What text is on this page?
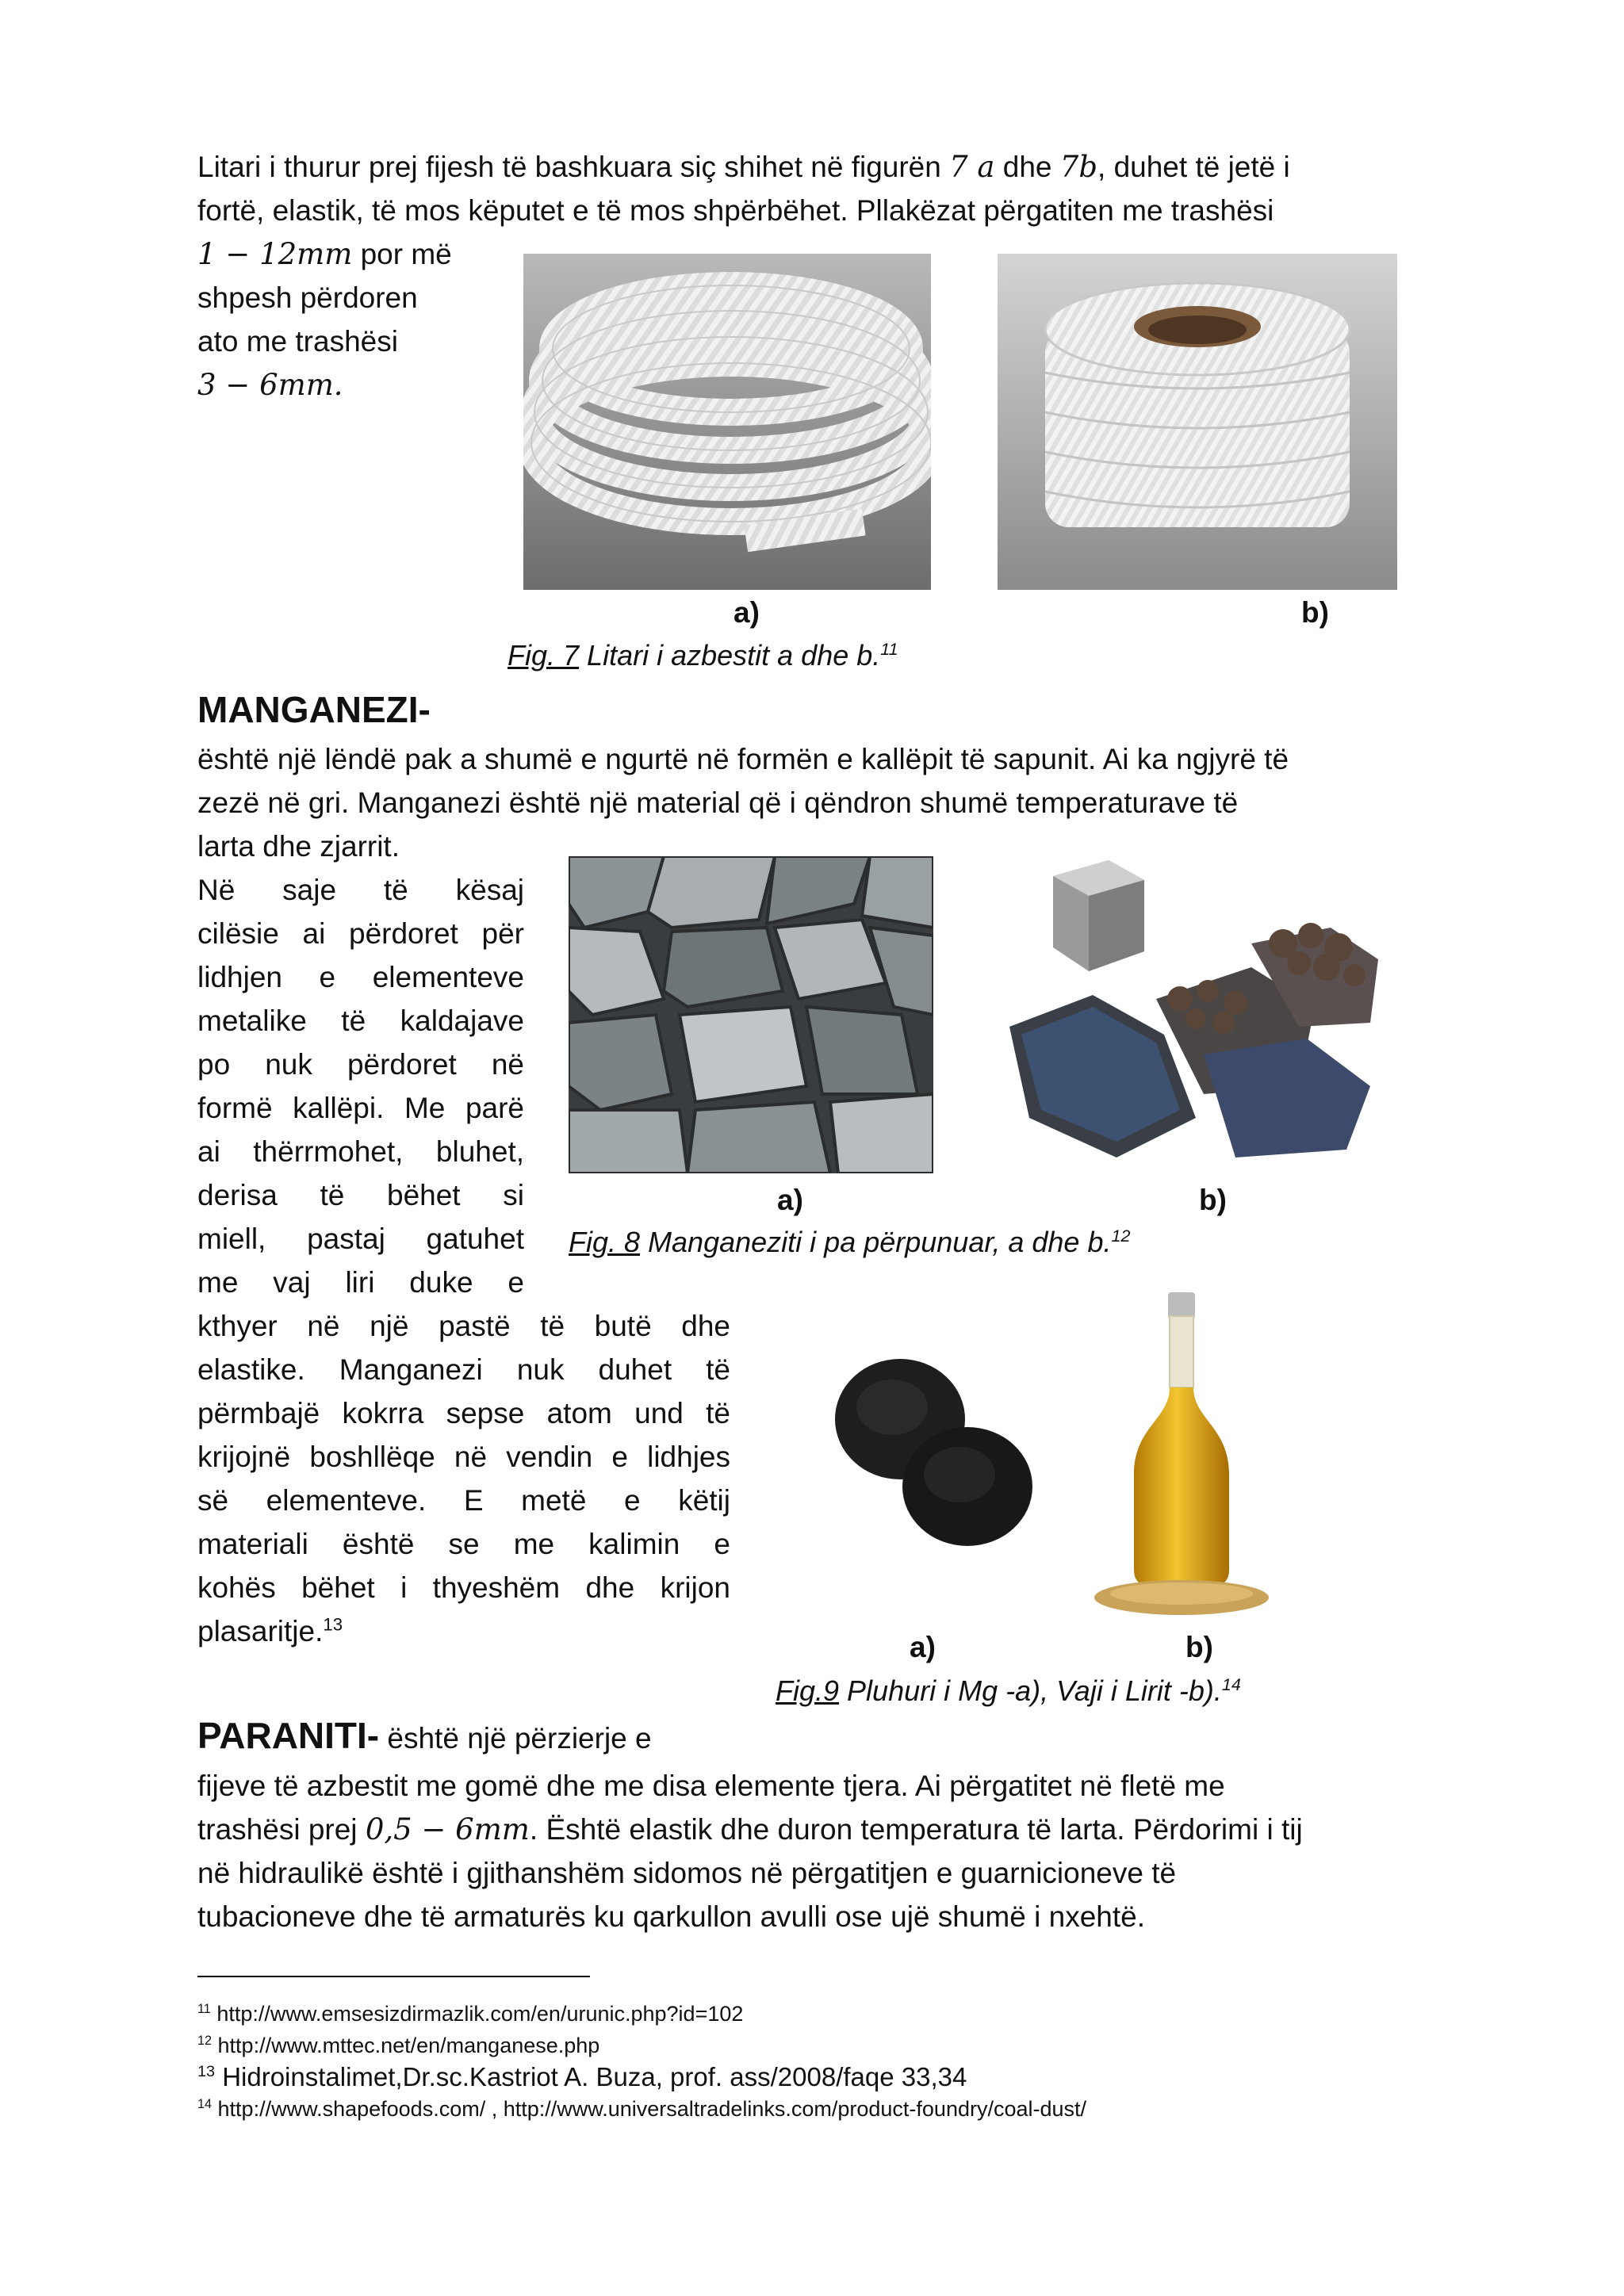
Litari i thurur prej fijesh të bashkuara siç shihet në figurën 7 a dhe 7b, duhet të jetë i
fortë, elastik, të mos këputet e të mos shpërbëhet. Pllakëzat përgatiten me trashësi
1 − 12mm por më
shpesh përdoren
ato me trashësi
3 − 6mm.
a)	b)
Fig. 7 Litari i azbestit a dhe b.$^{11}$
MANGANEZI-
është një lëndë pak a shumë e ngurtë në formën e kallëpit të sapunit. Ai ka ngjyrë të
zezë në gri. Manganezi është një material që i qëndron shumë temperaturave të
larta dhe zjarrit.
Në saje të kësaj
cilësie ai përdoret për
lidhjen e elementeve
metalike të kaldajave
po nuk përdoret në
formë kallëpi. Me parë
ai thërrmohet, bluhet,
derisa të bëhet si
miell, pastaj gatuhet
me vaj liri duke e
kthyer në një pastë të butë dhe
elastike. Manganezi nuk duhet të
përmbajë kokrra sepse atom und të
krijojnë boshllëqe në vendin e lidhjes
së elementeve. E metë e këtij
materiali është se me kalimin e
kohës bëhet i thyeshëm dhe krijon
plasaritje.$^{13}$
a)	b)
Fig. 8 Manganeziti i pa përpunuar, a dhe b.$^{12}$
a)	b)
Fig.9 Pluhuri i Mg -a), Vaji i Lirit -b).$^{14}$
PARANITI- është një përzierje e
fijeve të azbestit me gomë dhe me disa elemente tjera. Ai përgatitet në fletë me
trashësi prej 0,5 − 6mm. Është elastik dhe duron temperatura të larta. Përdorimi i tij
në hidraulikë është i gjithanshëm sidomos në përgatitjen e guarnicioneve të
tubacioneve dhe të armaturës ku qarkullon avulli ose ujë shumë i nxehtë.
$^{11}$ http://www.emsesizdirmazlik.com/en/urunic.php?id=102
$^{12}$ http://www.mttec.net/en/manganese.php
$^{13}$ Hidroinstalimet,Dr.sc.Kastriot A. Buza, prof. ass/2008/faqe 33,34
$^{14}$ http://www.shapefoods.com/ , http://www.universaltradelinks.com/product-foundry/coal-dust/
